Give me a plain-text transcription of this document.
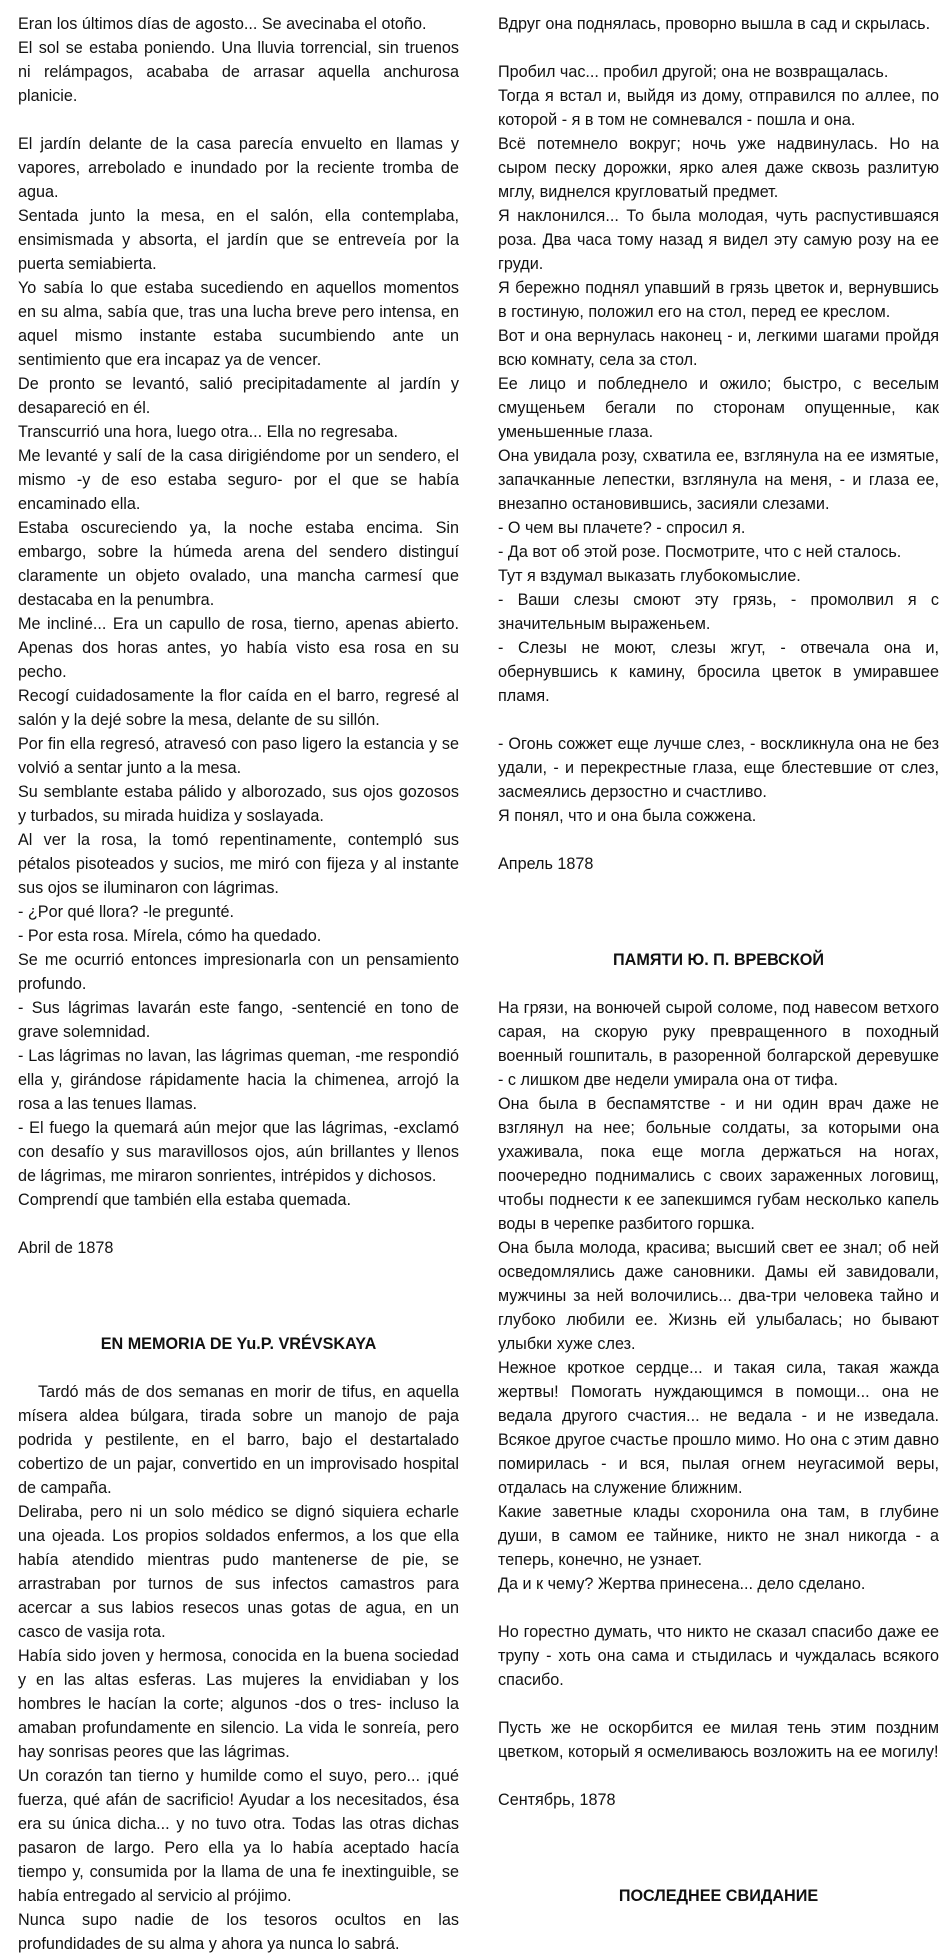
Eran los últimos días de agosto... Se avecinaba el otoño.

El sol se estaba poniendo. Una lluvia torrencial, sin truenos ni relámpagos, acababa de arrasar aquella anchurosa planicie.

El jardín delante de la casa parecía envuelto en llamas y vapores, arrebolado e inundado por la reciente tromba de agua.

Sentada junto la mesa, en el salón, ella contemplaba, ensimismada y absorta, el jardín que se entreveía por la puerta semiabierta.

Yo sabía lo que estaba sucediendo en aquellos momentos en su alma, sabía que, tras una lucha breve pero intensa, en aquel mismo instante estaba sucumbiendo ante un sentimiento que era incapaz ya de vencer.

De pronto se levantó, salió precipitadamente al jardín y desapareció en él.

Transcurrió una hora, luego otra... Ella no regresaba.

Me levanté y salí de la casa dirigiéndome por un sendero, el mismo -y de eso estaba seguro- por el que se había encaminado ella.

Estaba oscureciendo ya, la noche estaba encima. Sin embargo, sobre la húmeda arena del sendero distinguí claramente un objeto ovalado, una mancha carmesí que destacaba en la penumbra.

Me incliné... Era un capullo de rosa, tierno, apenas abierto. Apenas dos horas antes, yo había visto esa rosa en su pecho.

Recogí cuidadosamente la flor caída en el barro, regresé al salón y la dejé sobre la mesa, delante de su sillón.

Por fin ella regresó, atravesó con paso ligero la estancia y se volvió a sentar junto a la mesa.

Su semblante estaba pálido y alborozado, sus ojos gozosos y turbados, su mirada huidiza y soslayada.

Al ver la rosa, la tomó repentinamente, contempló sus pétalos pisoteados y sucios, me miró con fijeza y al instante sus ojos se iluminaron con lágrimas.

- ¿Por qué llora? -le pregunté.

- Por esta rosa. Mírela, cómo ha quedado.

Se me ocurrió entonces impresionarla con un pensamiento profundo.

- Sus lágrimas lavarán este fango, -sentencié en tono de grave solemnidad.

- Las lágrimas no lavan, las lágrimas queman, -me respondió ella y, girándose rápidamente hacia la chimenea, arrojó la rosa a las tenues llamas.

- El fuego la quemará aún mejor que las lágrimas, -exclamó con desafío y sus maravillosos ojos, aún brillantes y llenos de lágrimas, me miraron sonrientes, intrépidos y dichosos.

Comprendí que también ella estaba quemada.

Abril de 1878

EN MEMORIA DE Yu.P. VRÉVSKAYA

Tardó más de dos semanas en morir de tifus, en aquella mísera aldea búlgara, tirada sobre un manojo de paja podrida y pestilente, en el barro, bajo el destartalado cobertizo de un pajar, convertido en un improvisado hospital de campaña.

Deliraba, pero ni un solo médico se dignó siquiera echarle una ojeada. Los propios soldados enfermos, a los que ella había atendido mientras pudo mantenerse de pie, se arrastraban por turnos de sus infectos camastros para acercar a sus labios resecos unas gotas de agua, en un casco de vasija rota.

Había sido joven y hermosa, conocida en la buena sociedad y en las altas esferas. Las mujeres la envidiaban y los hombres le hacían la corte; algunos -dos o tres- incluso la amaban profundamente en silencio. La vida le sonreía, pero hay sonrisas peores que las lágrimas.

Un corazón tan tierno y humilde como el suyo, pero... ¡qué fuerza, qué afán de sacrificio! Ayudar a los necesitados, ésa era su única dicha... y no tuvo otra. Todas las otras dichas pasaron de largo. Pero ella ya lo había aceptado hacía tiempo y, consumida por la llama de una fe inextinguible, se había entregado al servicio al prójimo.

Nunca supo nadie de los tesoros ocultos en las profundidades de su alma y ahora ya nunca lo sabrá.

Вдруг она поднялась, проворно вышла в сад и скрылась.

Пробил час... пробил другой; она не возвращалась.

Тогда я встал и, выйдя из дому, отправился по аллее, по которой - я в том не сомневался - пошла и она.

Всё потемнело вокруг; ночь уже надвинулась. Но на сыром песку дорожки, ярко алея даже сквозь разлитую мглу, виднелся кругловатый предмет.

Я наклонился... То была молодая, чуть распустившаяся роза. Два часа тому назад я видел эту самую розу на ее груди.

Я бережно поднял упавший в грязь цветок и, вернувшись в гостиную, положил его на стол, перед ее креслом.

Вот и она вернулась наконец - и, легкими шагами пройдя всю комнату, села за стол.

Ее лицо и побледнело и ожило; быстро, с веселым смущеньем бегали по сторонам опущенные, как уменьшенные глаза.

Она увидала розу, схватила ее, взглянула на ее измятые, запачканные лепестки, взглянула на меня, - и глаза ее, внезапно остановившись, засияли слезами.

- О чем вы плачете? - спросил я.

- Да вот об этой розе. Посмотрите, что с ней сталось.

Тут я вздумал выказать глубокомыслие.

- Ваши слезы смоют эту грязь, - промолвил я с значительным выраженьем.

- Слезы не моют, слезы жгут, - отвечала она и, обернувшись к камину, бросила цветок в умиравшее пламя.

- Огонь сожжет еще лучше слез, - воскликнула она не без удали, - и перекрестные глаза, еще блестевшие от слез, засмеялись дерзостно и счастливо.

Я понял, что и она была сожжена.

Апрель 1878

ПАМЯТИ Ю. П. ВРЕВСКОЙ

На грязи, на вонючей сырой соломе, под навесом ветхого сарая, на скорую руку превращенного в походный военный гошпиталь, в разоренной болгарской деревушке - с лишком две недели умирала она от тифа.

Она была в беспамятстве - и ни один врач даже не взглянул на нее; больные солдаты, за которыми она ухаживала, пока еще могла держаться на ногах, поочередно поднимались с своих зараженных логовищ, чтобы поднести к ее запекшимся губам несколько капель воды в черепке разбитого горшка.

Она была молода, красива; высший свет ее знал; об ней осведомлялись даже сановники. Дамы ей завидовали, мужчины за ней волочились... два-три человека тайно и глубоко любили ее. Жизнь ей улыбалась; но бывают улыбки хуже слез.

Нежное кроткое сердце... и такая сила, такая жажда жертвы! Помогать нуждающимся в помощи... она не ведала другого счастия... не ведала - и не изведала. Всякое другое счастье прошло мимо. Но она с этим давно помирилась - и вся, пылая огнем неугасимой веры, отдалась на служение ближним.

Какие заветные клады схоронила она там, в глубине души, в самом ее тайнике, никто не знал никогда - а теперь, конечно, не узнает.

Да и к чему? Жертва принесена... дело сделано.

Но горестно думать, что никто не сказал спасибо даже ее трупу - хоть она сама и стыдилась и чуждалась всякого спасибо.

Пусть же не оскорбится ее милая тень этим поздним цветком, который я осмеливаюсь возложить на ее могилу!

Сентябрь, 1878

ПОСЛЕДНЕЕ СВИДАНИЕ
